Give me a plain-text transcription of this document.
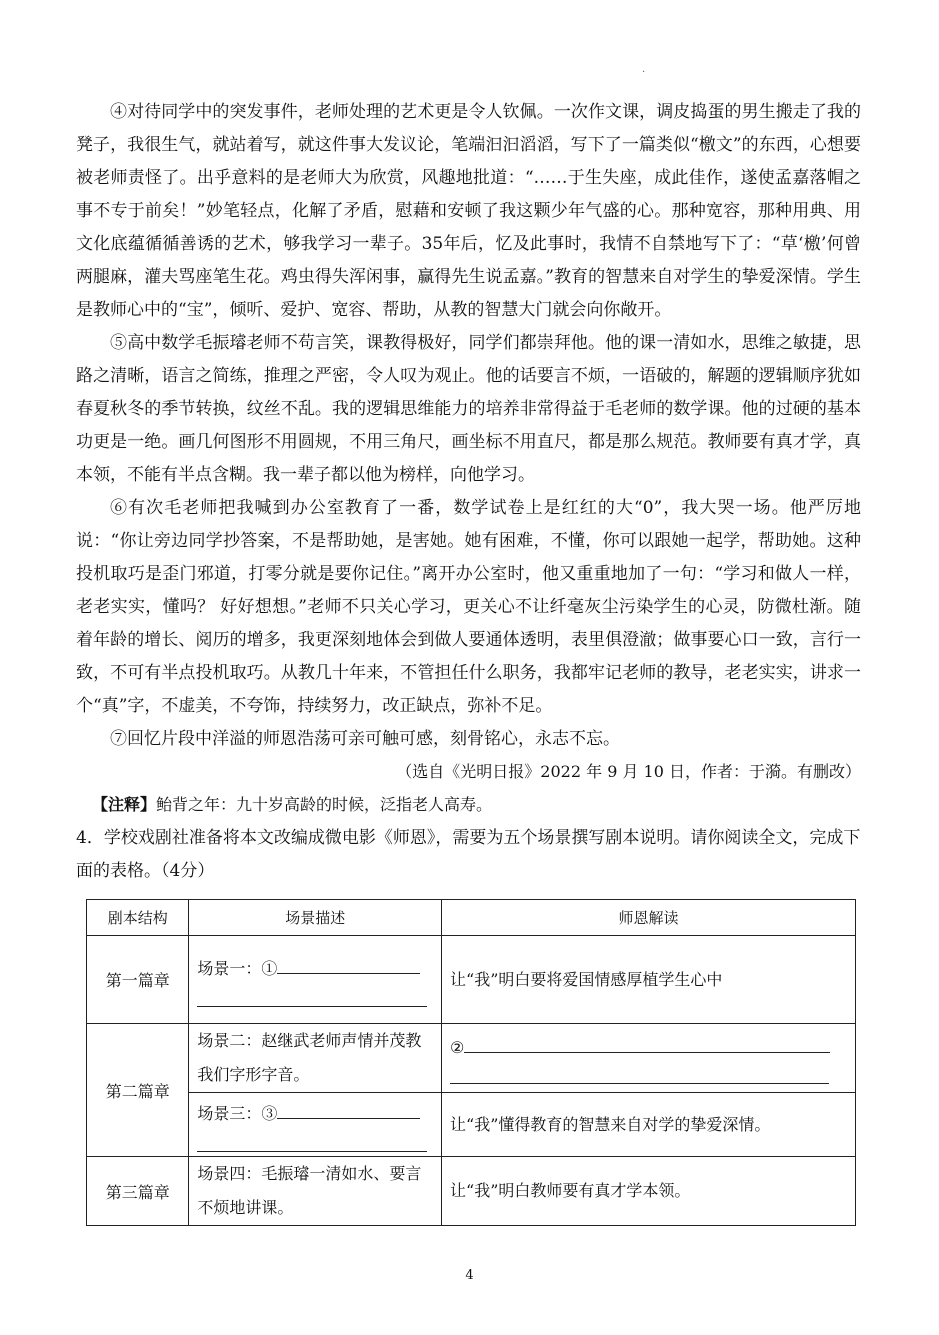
.

④对待同学中的突发事件，老师处理的艺术更是令人钦佩。一次作文课，调皮捣蛋的男生搬走了我的凳子，我很生气，就站着写，就这件事大发议论，笔端汩汩滔滔，写下了一篇类似“檄文”的东西，心想要被老师责怪了。出乎意料的是老师大为欣赏，风趣地批道：“……于生失座，成此佳作，遂使孟嘉落帽之事不专于前矣！”妙笔轻点，化解了矛盾，慰藉和安顿了我这颗少年气盛的心。那种宽容，那种用典、用文化底蕴循循善诱的艺术，够我学习一辈子。35年后，忆及此事时，我情不自禁地写下了：“草‘檄’何曾两腿麻，灌夫骂座笔生花。鸡虫得失浑闲事，赢得先生说孟嘉。”教育的智慧来自对学生的挚爱深情。学生是教师心中的“宝”，倾听、爱护、宽容、帮助，从教的智慧大门就会向你敞开。

⑤高中数学毛振璿老师不苟言笑，课教得极好，同学们都崇拜他。他的课一清如水，思维之敏捷，思路之清晰，语言之简练，推理之严密，令人叹为观止。他的话要言不烦，一语破的，解题的逻辑顺序犹如春夏秋冬的季节转换，纹丝不乱。我的逻辑思维能力的培养非常得益于毛老师的数学课。他的过硬的基本功更是一绝。画几何图形不用圆规，不用三角尺，画坐标不用直尺，都是那么规范。教师要有真才学，真本领，不能有半点含糊。我一辈子都以他为榜样，向他学习。

⑥有次毛老师把我喊到办公室教育了一番，数学试卷上是红红的大“0”，我大哭一场。他严厉地说：“你让旁边同学抄答案，不是帮助她，是害她。她有困难，不懂，你可以跟她一起学，帮助她。这种投机取巧是歪门邪道，打零分就是要你记住。”离开办公室时，他又重重地加了一句：“学习和做人一样，老老实实，懂吗？ 好好想想。”老师不只关心学习，更关心不让纤毫灰尘污染学生的心灵，防微杜渐。随着年龄的增长、阅历的增多，我更深刻地体会到做人要通体透明，表里俱澄澈；做事要心口一致，言行一致，不可有半点投机取巧。从教几十年来，不管担任什么职务，我都牢记老师的教导，老老实实，讲求一个“真”字，不虚美，不夸饰，持续努力，改正缺点，弥补不足。

⑦回忆片段中洋溢的师恩浩荡可亲可触可感，刻骨铭心，永志不忘。

（选自《光明日报》2022 年 9 月 10 日，作者：于漪。有删改）

【注释】鲐背之年：九十岁高龄的时候，泛指老人高寿。

4．学校戏剧社准备将本文改编成微电影《师恩》，需要为五个场景撰写剧本说明。请你阅读全文，完成下面的表格。（4分）

剧本结构	场景描述	师恩解读
第一篇章	场景一：①	让“我”明白要将爱国情感厚植学生心中
第二篇章	场景二：赵继武老师声情并茂教我们字形字音。	②

	场景三：③	让“我”懂得教育的智慧来自对学的挚爱深情。
第三篇章	场景四：毛振璿一清如水、要言不烦地讲课。	让“我”明白教师要有真才学本领。
4
